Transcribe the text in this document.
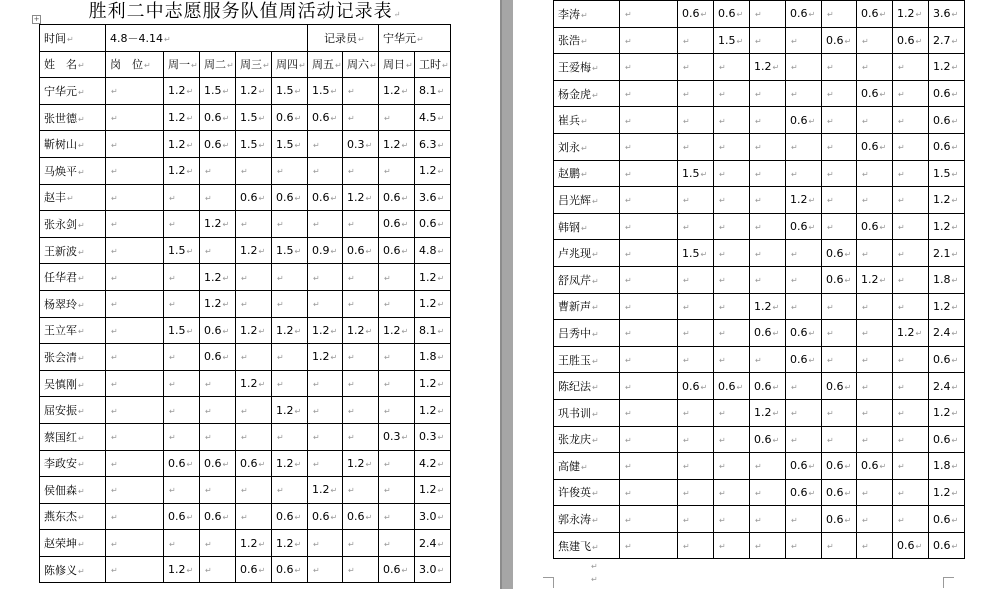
+	胜利二中志愿服务队值周活动记录表↵
时间↵	4.8－4.14↵					记录员↵		宁华元↵	
姓　名↵	岗　位↵	周一↵	周二↵	周三↵	周四↵	周五↵	周六↵	周日↵	工时↵
宁华元↵	↵	1.2↵	1.5↵	1.2↵	1.5↵	1.5↵	↵	1.2↵	8.1↵
张世德↵	↵	1.2↵	0.6↵	1.5↵	0.6↵	0.6↵	↵	↵	4.5↵
靳树山↵	↵	1.2↵	0.6↵	1.5↵	1.5↵	↵	0.3↵	1.2↵	6.3↵
马焕平↵	↵	1.2↵	↵	↵	↵	↵	↵	↵	1.2↵
赵丰↵	↵	↵	↵	0.6↵	0.6↵	0.6↵	1.2↵	0.6↵	3.6↵
张永剑↵	↵	↵	1.2↵	↵	↵	↵	↵	0.6↵	0.6↵
王新波↵	↵	1.5↵	↵	1.2↵	1.5↵	0.9↵	0.6↵	0.6↵	4.8↵
任华君↵	↵	↵	1.2↵	↵	↵	↵	↵	↵	1.2↵
杨翠玲↵	↵	↵	1.2↵	↵	↵	↵	↵	↵	1.2↵
王立军↵	↵	1.5↵	0.6↵	1.2↵	1.2↵	1.2↵	1.2↵	1.2↵	8.1↵
张会清↵	↵	↵	0.6↵	↵	↵	1.2↵	↵	↵	1.8↵
吴慎刚↵	↵	↵	↵	1.2↵	↵	↵	↵	↵	1.2↵
屈安振↵	↵	↵	↵	↵	1.2↵	↵	↵	↵	1.2↵
蔡国红↵	↵	↵	↵	↵	↵	↵	↵	0.3↵	0.3↵
李政安↵	↵	0.6↵	0.6↵	0.6↵	1.2↵	↵	1.2↵	↵	4.2↵
侯佃森↵	↵	↵	↵	↵	↵	1.2↵	↵	↵	1.2↵
燕东杰↵	↵	0.6↵	0.6↵	↵	0.6↵	0.6↵	0.6↵	↵	3.0↵
赵荣坤↵	↵	↵	↵	1.2↵	1.2↵	↵	↵	↵	2.4↵
陈修义↵	↵	1.2↵	↵	0.6↵	0.6↵	↵	↵	0.6↵	3.0↵
李涛↵	↵	0.6↵	0.6↵	↵	0.6↵	↵	0.6↵	1.2↵	3.6↵
张浩↵	↵	↵	1.5↵	↵	↵	0.6↵	↵	0.6↵	2.7↵
王爱梅↵	↵	↵	↵	1.2↵	↵	↵	↵	↵	1.2↵
杨金虎↵	↵	↵	↵	↵	↵	↵	0.6↵	↵	0.6↵
崔兵↵	↵	↵	↵	↵	0.6↵	↵	↵	↵	0.6↵
刘永↵	↵	↵	↵	↵	↵	↵	0.6↵	↵	0.6↵
赵鹏↵	↵	1.5↵	↵	↵	↵	↵	↵	↵	1.5↵
吕光辉↵	↵	↵	↵	↵	1.2↵	↵	↵	↵	1.2↵
韩钢↵	↵	↵	↵	↵	0.6↵	↵	0.6↵	↵	1.2↵
卢兆现↵	↵	1.5↵	↵	↵	↵	0.6↵	↵	↵	2.1↵
舒凤芹↵	↵	↵	↵	↵	↵	0.6↵	1.2↵	↵	1.8↵
曹新声↵	↵	↵	↵	1.2↵	↵	↵	↵	↵	1.2↵
吕秀中↵	↵	↵	↵	0.6↵	0.6↵	↵	↵	1.2↵	2.4↵
王胜玉↵	↵	↵	↵	↵	0.6↵	↵	↵	↵	0.6↵
陈纪法↵	↵	0.6↵	0.6↵	0.6↵	↵	0.6↵	↵	↵	2.4↵
巩书训↵	↵	↵	↵	1.2↵	↵	↵	↵	↵	1.2↵
张龙庆↵	↵	↵	↵	0.6↵	↵	↵	↵	↵	0.6↵
高健↵	↵	↵	↵	↵	0.6↵	0.6↵	0.6↵	↵	1.8↵
许俊英↵	↵	↵	↵	↵	0.6↵	0.6↵	↵	↵	1.2↵
郭永涛↵	↵	↵	↵	↵	↵	0.6↵	↵	↵	0.6↵
焦建飞↵	↵	↵	↵	↵	↵	↵	↵	0.6↵	0.6↵
↵
↵
